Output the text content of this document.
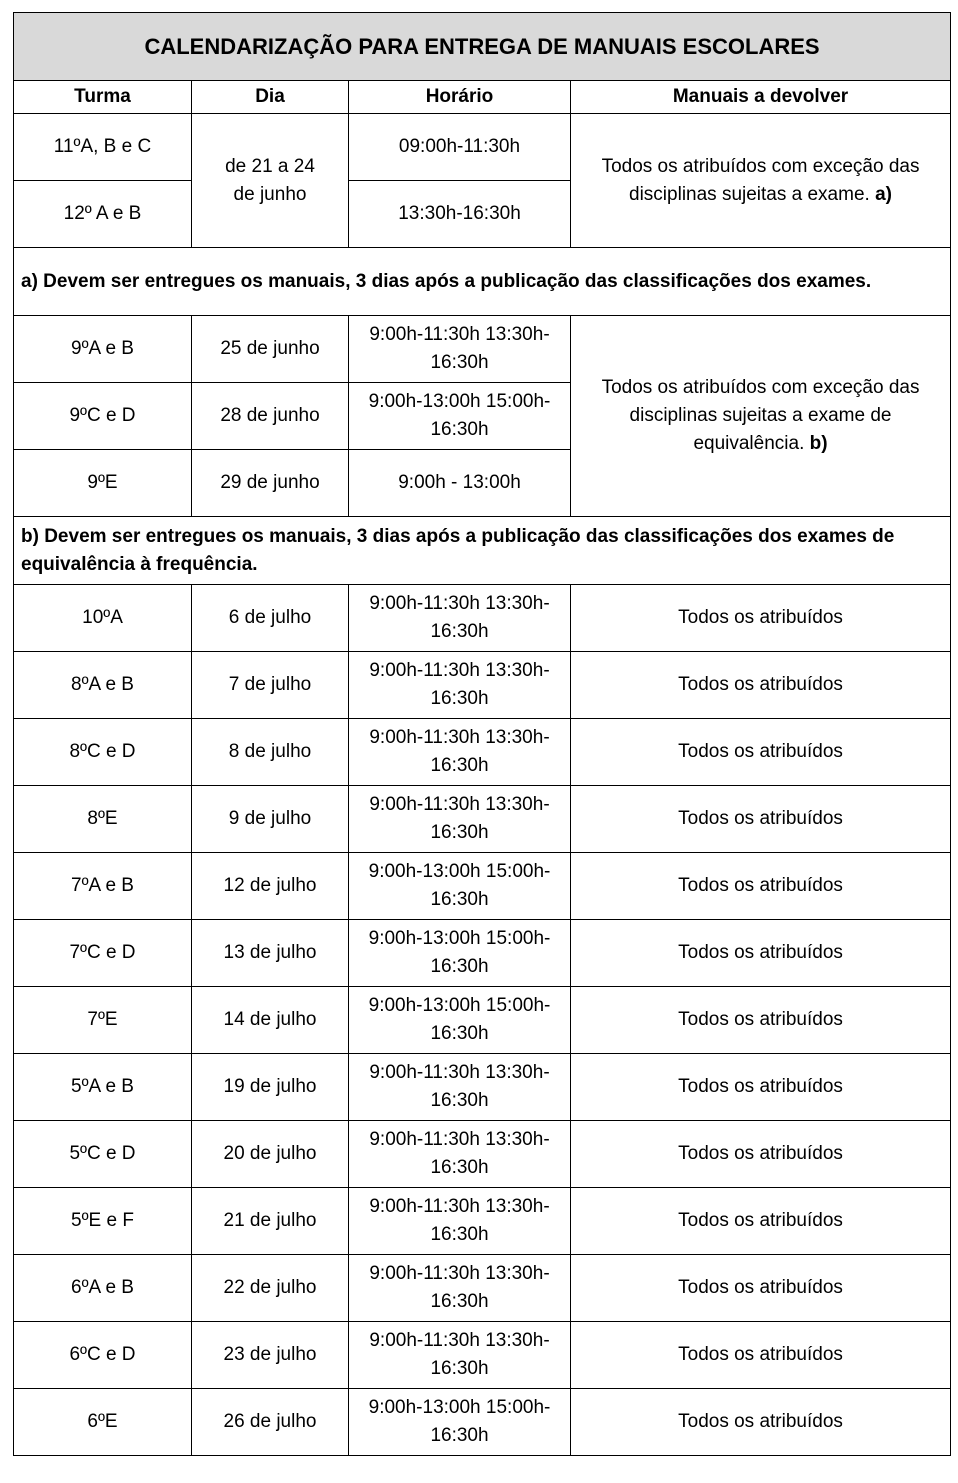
CALENDARIZAÇÃO PARA ENTREGA DE MANUAIS ESCOLARES			
Turma	Dia	Horário	Manuais a devolver
11ºA, B e C	de 21 a 24 de junho	09:00h-11:30h	Todos os atribuídos com exceção das disciplinas sujeitas a exame. a)
12º A e B		13:30h-16:30h	
a) Devem ser entregues os manuais, 3 dias após a publicação das classificações dos exames.			
9ºA e B	25 de junho	9:00h-11:30h 13:30h-16:30h	Todos os atribuídos com exceção das disciplinas sujeitas a exame de equivalência. b)
9ºC e D	28 de junho	9:00h-13:00h 15:00h-16:30h	
9ºE	29 de junho	9:00h - 13:00h	
b) Devem ser entregues os manuais, 3 dias após a publicação das classificações dos exames de equivalência à frequência.			
10ºA	6 de julho	9:00h-11:30h 13:30h-16:30h	Todos os atribuídos
8ºA e B	7 de julho	9:00h-11:30h 13:30h-16:30h	Todos os atribuídos
8ºC e D	8 de julho	9:00h-11:30h 13:30h-16:30h	Todos os atribuídos
8ºE	9 de julho	9:00h-11:30h 13:30h-16:30h	Todos os atribuídos
7ºA e B	12 de julho	9:00h-13:00h 15:00h-16:30h	Todos os atribuídos
7ºC e D	13 de julho	9:00h-13:00h 15:00h-16:30h	Todos os atribuídos
7ºE	14 de julho	9:00h-13:00h 15:00h-16:30h	Todos os atribuídos
5ºA e B	19 de julho	9:00h-11:30h 13:30h-16:30h	Todos os atribuídos
5ºC e D	20 de julho	9:00h-11:30h 13:30h-16:30h	Todos os atribuídos
5ºE e F	21 de julho	9:00h-11:30h 13:30h-16:30h	Todos os atribuídos
6ºA e B	22 de julho	9:00h-11:30h 13:30h-16:30h	Todos os atribuídos
6ºC e D	23 de julho	9:00h-11:30h 13:30h-16:30h	Todos os atribuídos
6ºE	26 de julho	9:00h-13:00h 15:00h-16:30h	Todos os atribuídos
